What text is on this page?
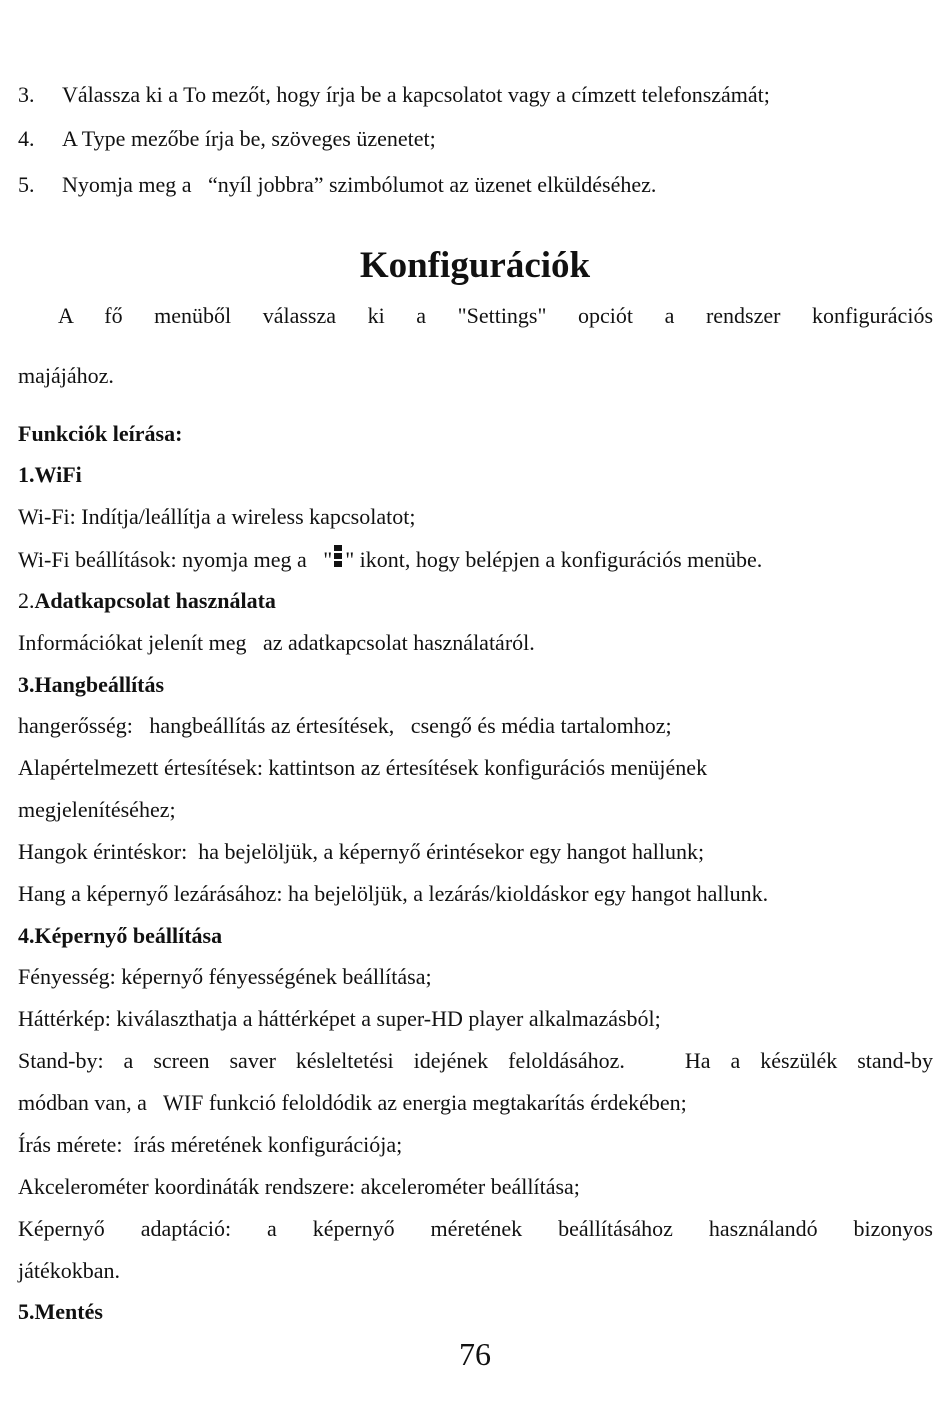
3. Válassza ki a To mezőt, hogy írja be a kapcsolatot vagy a címzett telefonszámát;
4. A Type mezőbe írja be, szöveges üzenetet;
5. Nyomja meg a   “nyíl jobbra” szimbólumot az üzenet elküldéséhez.
Konfigurációk
A fő menüből válassza ki a "Settings" opciót a rendszer konfigurációs
majájához.
Funkciók leírása:
1.WiFi
Wi-Fi: Indítja/leállítja a wireless kapcsolatot;
Wi-Fi beállítások: nyomja meg a   " " ikont, hogy belépjen a konfigurációs menübe.
2.Adatkapcsolat használata
Információkat jelenít meg   az adatkapcsolat használatáról.
3.Hangbeállítás
hangerősség:   hangbeállítás az értesítések,   csengő és média tartalomhoz;
Alapértelmezett értesítések: kattintson az értesítések konfigurációs menüjének
megjelenítéséhez;
Hangok érintéskor:  ha bejelöljük, a képernyő érintésekor egy hangot hallunk;
Hang a képernyő lezárásához: ha bejelöljük, a lezárás/kioldáskor egy hangot hallunk.
4.Képernyő beállítása
Fényesség: képernyő fényességének beállítása;
Háttérkép: kiválaszthatja a háttérképet a super-HD player alkalmazásból;
Stand-by: a screen saver késleltetési idejének feloldásához.   Ha a készülék stand-by
módban van, a   WIF funkció feloldódik az energia megtakarítás érdekében;
Írás mérete:  írás méretének konfigurációja;
Akcelerométer koordináták rendszere: akcelerométer beállítása;
Képernyő adaptáció: a képernyő méretének beállításához használandó bizonyos
játékokban.
5.Mentés
76
